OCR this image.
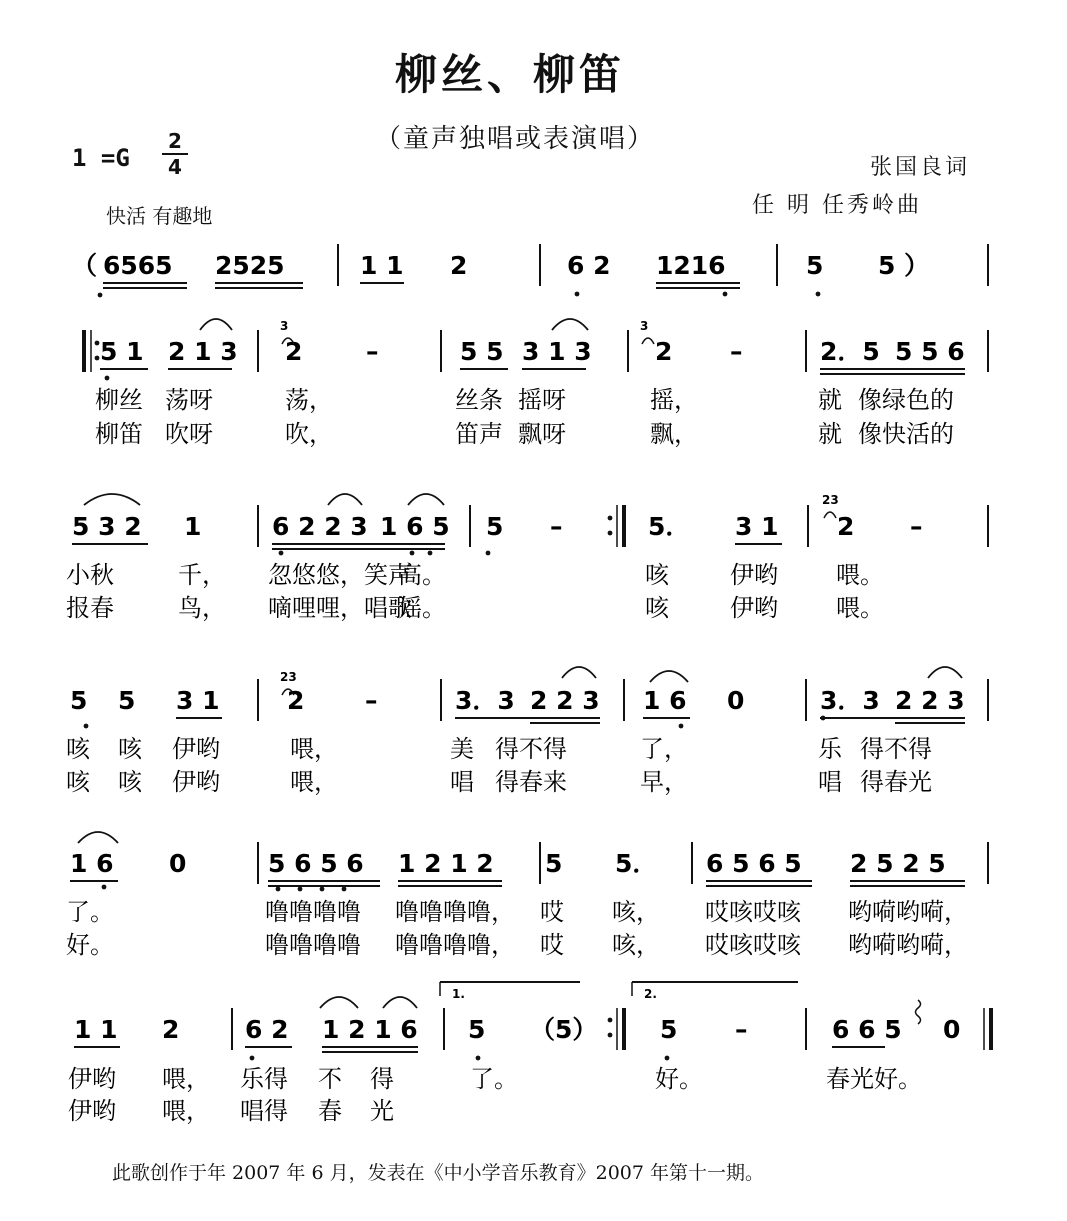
柳丝、柳笛
（童声独唱或表演唱）
1 =G
2
4
快活 有趣地
张国良词
任 明 任秀岭曲
（ 6565 2525	1 1 2	6 2 1216	5 5 ）
5 1 2 1 3 2	–	5 5 3 1 3	2 –	2．5 5 5 6
柳丝 荡呀	荡，	丝条 摇呀	摇，	就 像绿色的
柳笛 吹呀	吹，	笛声 飘呀	飘，	就 像快活的
5 3 2 1	6 2 2 3 1 6 5 5 –	5． 3 1 2 –
小秋	千， 忽悠悠，笑声
高。	咳	伊哟 喂。
报春	鸟， 嘀哩哩，唱歌
谣。	咳	伊哟 喂。
5 5 3 1	2 –	3．3 2 2 3 1 6 0	3．3 2 2 3
咳 咳 伊哟	喂，	美 得不得	了，	乐 得不得
咳 咳 伊哟	喂，	唱 得春来	早，	唱 得春光
1 6 0	5 6 5 6 1 2 1 2 5 5． 6 5 6 5 2 5 2 5
了。	噜噜噜噜 噜噜噜噜， 哎 咳， 哎咳哎咳 哟嗬哟嗬，
好。	噜噜噜噜 噜噜噜噜， 哎 咳， 哎咳哎咳 哟嗬哟嗬，
1 1 2	6 2 1 2 1 6 5 （5）	5 –	6 6 5 0
伊哟 喂， 乐得 不 得	了。	好。	春光好。
伊哟 喂， 唱得 春 光
3	3
23
23
1.	2.
此歌创作于年 2007 年 6 月，发表在《中小学音乐教育》2007 年第十一期。
